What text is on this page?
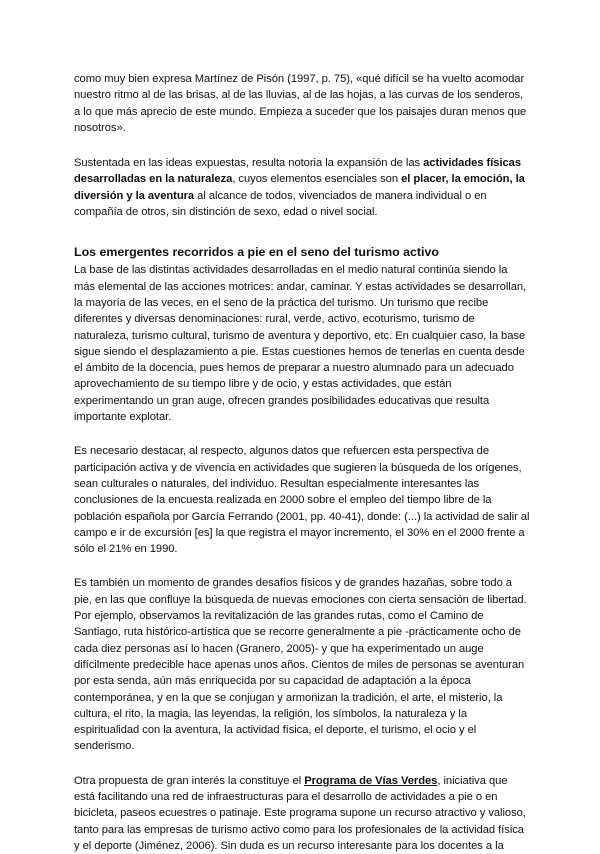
como muy bien expresa Martínez de Pisón (1997, p. 75), «qué difícil se ha vuelto acomodar nuestro ritmo al de las brisas, al de las lluvias, al de las hojas, a las curvas de los senderos, a lo que más aprecio de este mundo. Empieza a suceder que los paisajes duran menos que nosotros».

Sustentada en las ideas expuestas, resulta notoria la expansión de las actividades físicas desarrolladas en la naturaleza, cuyos elementos esenciales son el placer, la emoción, la diversión y la aventura al alcance de todos, vivenciados de manera individual o en compañía de otros, sin distinción de sexo, edad o nivel social.

Los emergentes recorridos a pie en el seno del turismo activo

La base de las distintas actividades desarrolladas en el medio natural continúa siendo la más elemental de las acciones motrices: andar, caminar. Y estas actividades se desarrollan, la mayoría de las veces, en el seno de la práctica del turismo. Un turismo que recibe diferentes y diversas denominaciones: rural, verde, activo, ecoturismo, turismo de naturaleza, turismo cultural, turismo de aventura y deportivo, etc. En cualquier caso, la base sigue siendo el desplazamiento a pie. Estas cuestiones hemos de tenerlas en cuenta desde el ámbito de la docencia, pues hemos de preparar a nuestro alumnado para un adecuado aprovechamiento de su tiempo libre y de ocio, y estas actividades, que están experimentando un gran auge, ofrecen grandes posibilidades educativas que resulta importante explotar.

Es necesario destacar, al respecto, algunos datos que refuercen esta perspectiva de participación activa y de vivencia en actividades que sugieren la búsqueda de los orígenes, sean culturales o naturales, del individuo. Resultan especialmente interesantes las conclusiones de la encuesta realizada en 2000 sobre el empleo del tiempo libre de la población española por García Ferrando (2001, pp. 40-41), donde: (...) la actividad de salir al campo e ir de excursión [es] la que registra el mayor incremento, el 30% en el 2000 frente a sólo el 21% en 1990.

Es también un momento de grandes desafíos físicos y de grandes hazañas, sobre todo a pie, en las que confluye la búsqueda de nuevas emociones con cierta sensación de libertad. Por ejemplo, observamos la revitalización de las grandes rutas, como el Camino de Santiago, ruta histórico-artística que se recorre generalmente a pie -prácticamente ocho de cada diez personas así lo hacen (Granero, 2005)- y que ha experimentado un auge difícilmente predecible hace apenas unos años. Cientos de miles de personas se aventuran por esta senda, aún más enriquecida por su capacidad de adaptación a la época contemporánea, y en la que se conjugan y armonizan la tradición, el arte, el misterio, la cultura, el rito, la magia, las leyendas, la religión, los símbolos, la naturaleza y la espiritualidad con la aventura, la actividad física, el deporte, el turismo, el ocio y el senderismo.

Otra propuesta de gran interés la constituye el Programa de Vías Verdes, iniciativa que está facilitando una red de infraestructuras para el desarrollo de actividades a pie o en bicicleta, paseos ecuestres o patinaje. Este programa supone un recurso atractivo y valioso, tanto para las empresas de turismo activo como para los profesionales de la actividad física y el deporte (Jiménez, 2006). Sin duda es un recurso interesante para los docentes a la
